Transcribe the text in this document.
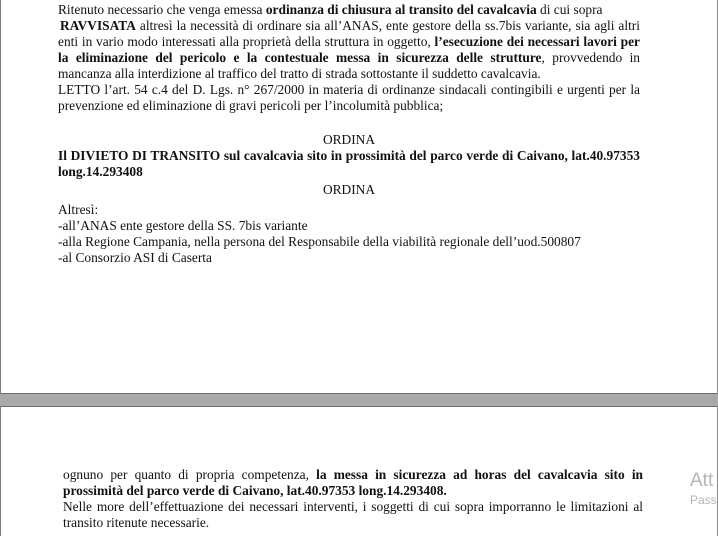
Ritenuto necessario che venga emessa ordinanza di chiusura al transito del cavalcavia di cui sopra

RAVVISATA altresì la necessità di ordinare sia all’ANAS, ente gestore della ss.7bis variante, sia agli altri enti in vario modo interessati alla proprietà della struttura in oggetto, l’esecuzione dei necessari lavori per la eliminazione del pericolo e la contestuale messa in sicurezza delle strutture, provvedendo in mancanza alla interdizione al traffico del tratto di strada sottostante il suddetto cavalcavia.

LETTO l’art. 54 c.4 del D. Lgs. n° 267/2000 in materia di ordinanze sindacali contingibili e urgenti per la prevenzione ed eliminazione di gravi pericoli per l’incolumità pubblica;

ORDINA

Il DIVIETO DI TRANSITO sul cavalcavia sito in prossimità del parco verde di Caivano, lat.40.97353 long.14.293408

ORDINA

Altresì:

-all’ANAS ente gestore della SS. 7bis variante

-alla Regione Campania, nella persona del Responsabile della viabilità regionale dell’uod.500807

-al Consorzio ASI di Caserta

ognuno per quanto di propria competenza, la messa in sicurezza ad horas del cavalcavia sito in prossimità del parco verde di Caivano, lat.40.97353 long.14.293408.

Nelle more dell’effettuazione dei necessari interventi, i soggetti di cui sopra imporranno le limitazioni al transito ritenute necessarie.

Att
Pass
